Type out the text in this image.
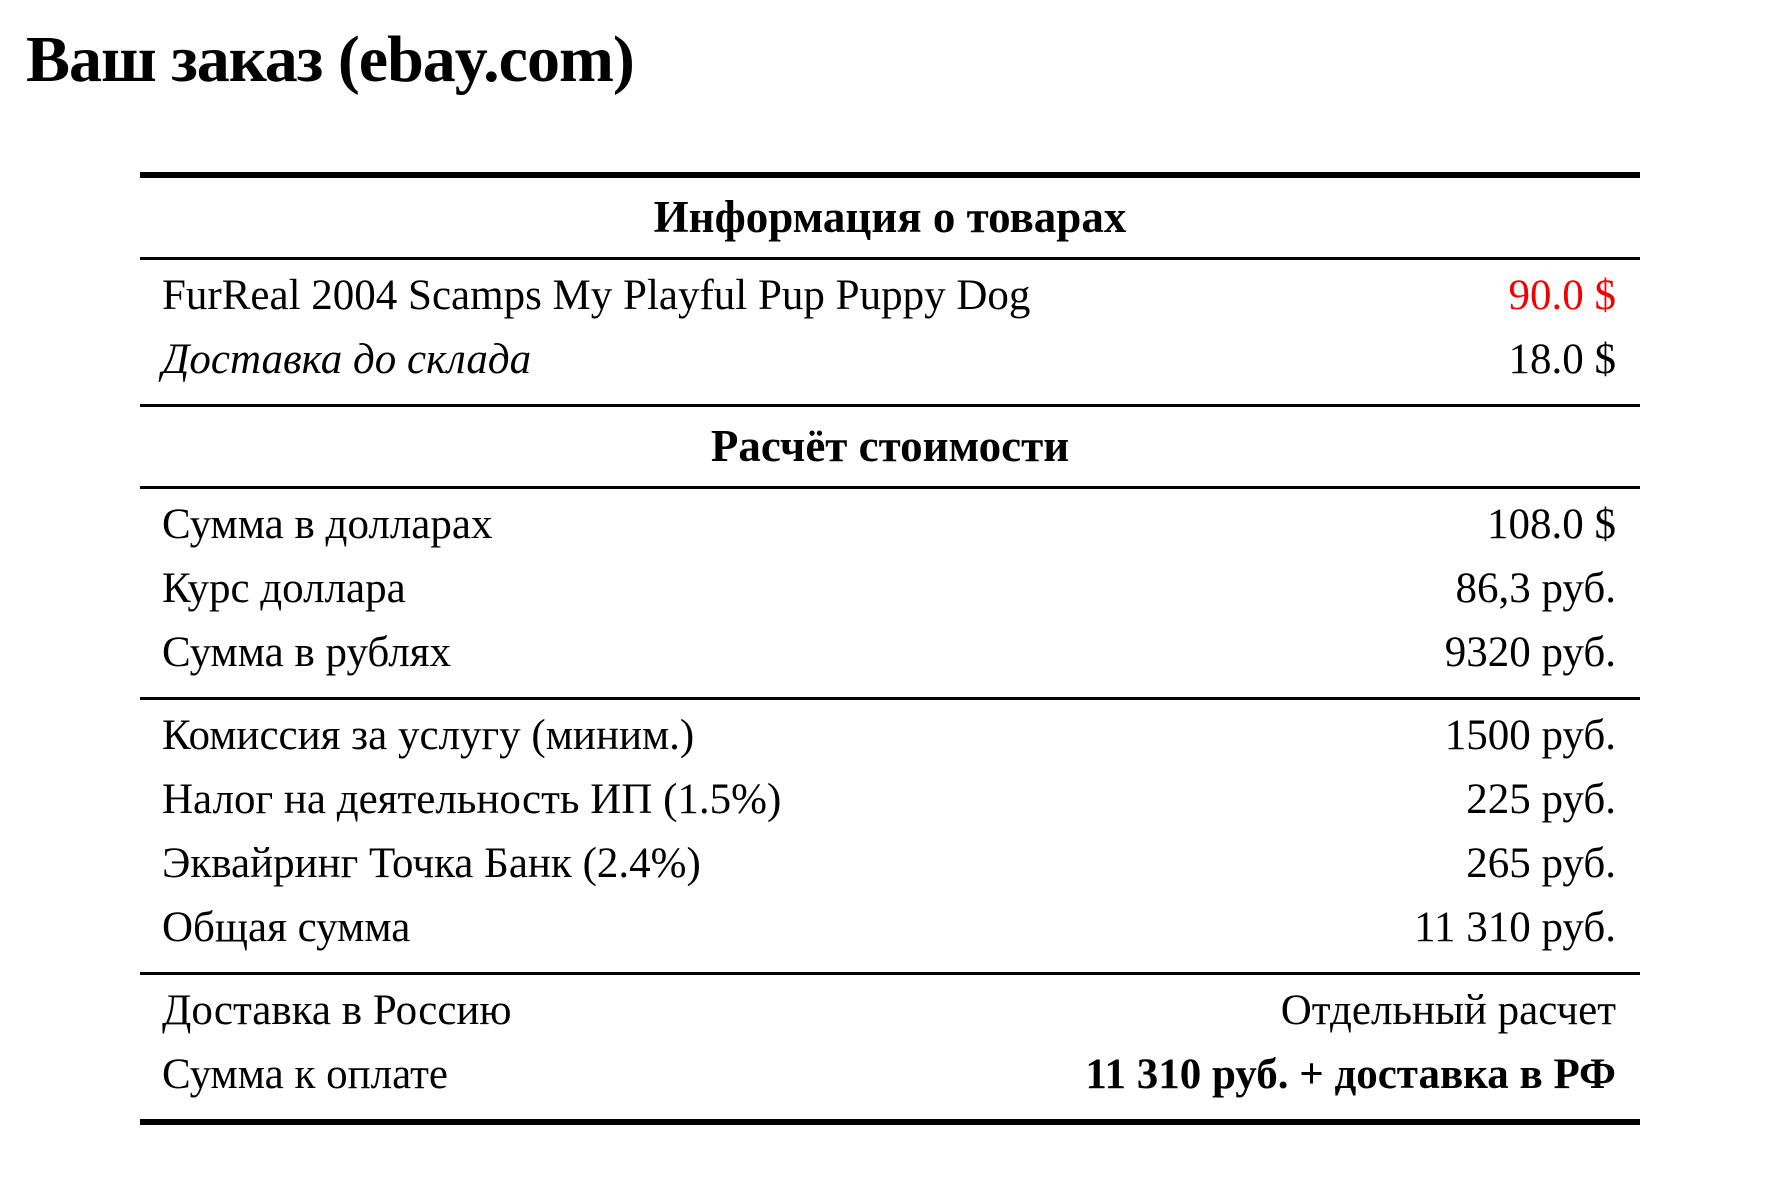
Ваш заказ (ebay.com)
Информация о товарах
FurReal 2004 Scamps My Playful Pup Puppy Dog	90.0 $
Доставка до склада	18.0 $
Расчёт стоимости
Сумма в долларах	108.0 $
Курс доллара	86,3 руб.
Сумма в рублях	9320 руб.
Комиссия за услугу (миним.)	1500 руб.
Налог на деятельность ИП (1.5%)	225 руб.
Эквайринг Точка Банк (2.4%)	265 руб.
Общая сумма	11 310 руб.
Доставка в Россию	Отдельный расчет
Сумма к оплате	11 310 руб. + доставка в РФ
